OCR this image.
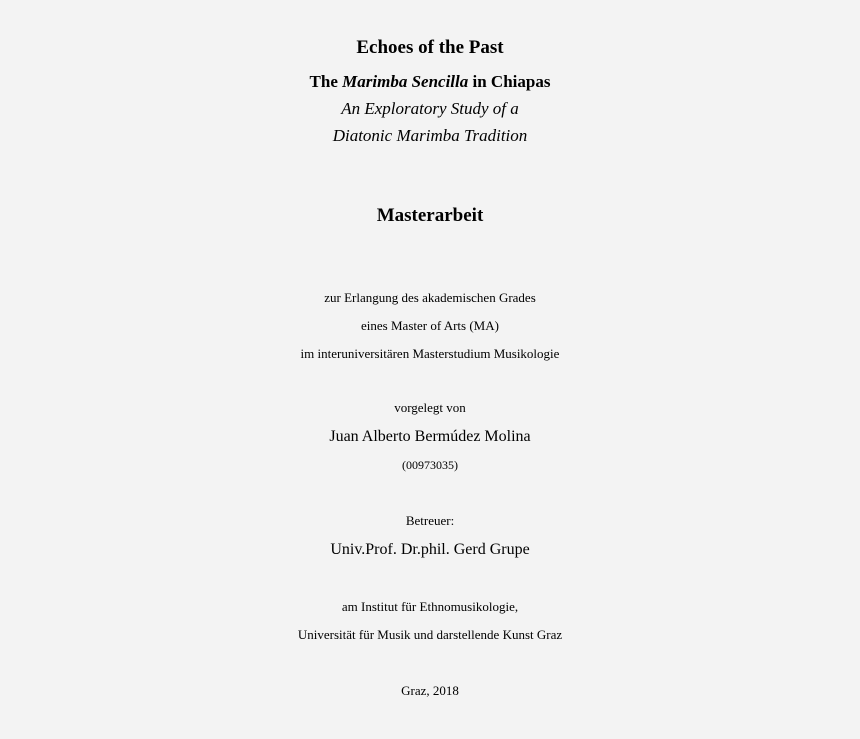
Echoes of the Past
The Marimba Sencilla in Chiapas
An Exploratory Study of a
Diatonic Marimba Tradition
Masterarbeit
zur Erlangung des akademischen Grades
eines Master of Arts (MA)
im interuniversitären Masterstudium Musikologie
vorgelegt von
Juan Alberto Bermúdez Molina
(00973035)
Betreuer:
Univ.Prof. Dr.phil. Gerd Grupe
am Institut für Ethnomusikologie,
Universität für Musik und darstellende Kunst Graz
Graz, 2018
